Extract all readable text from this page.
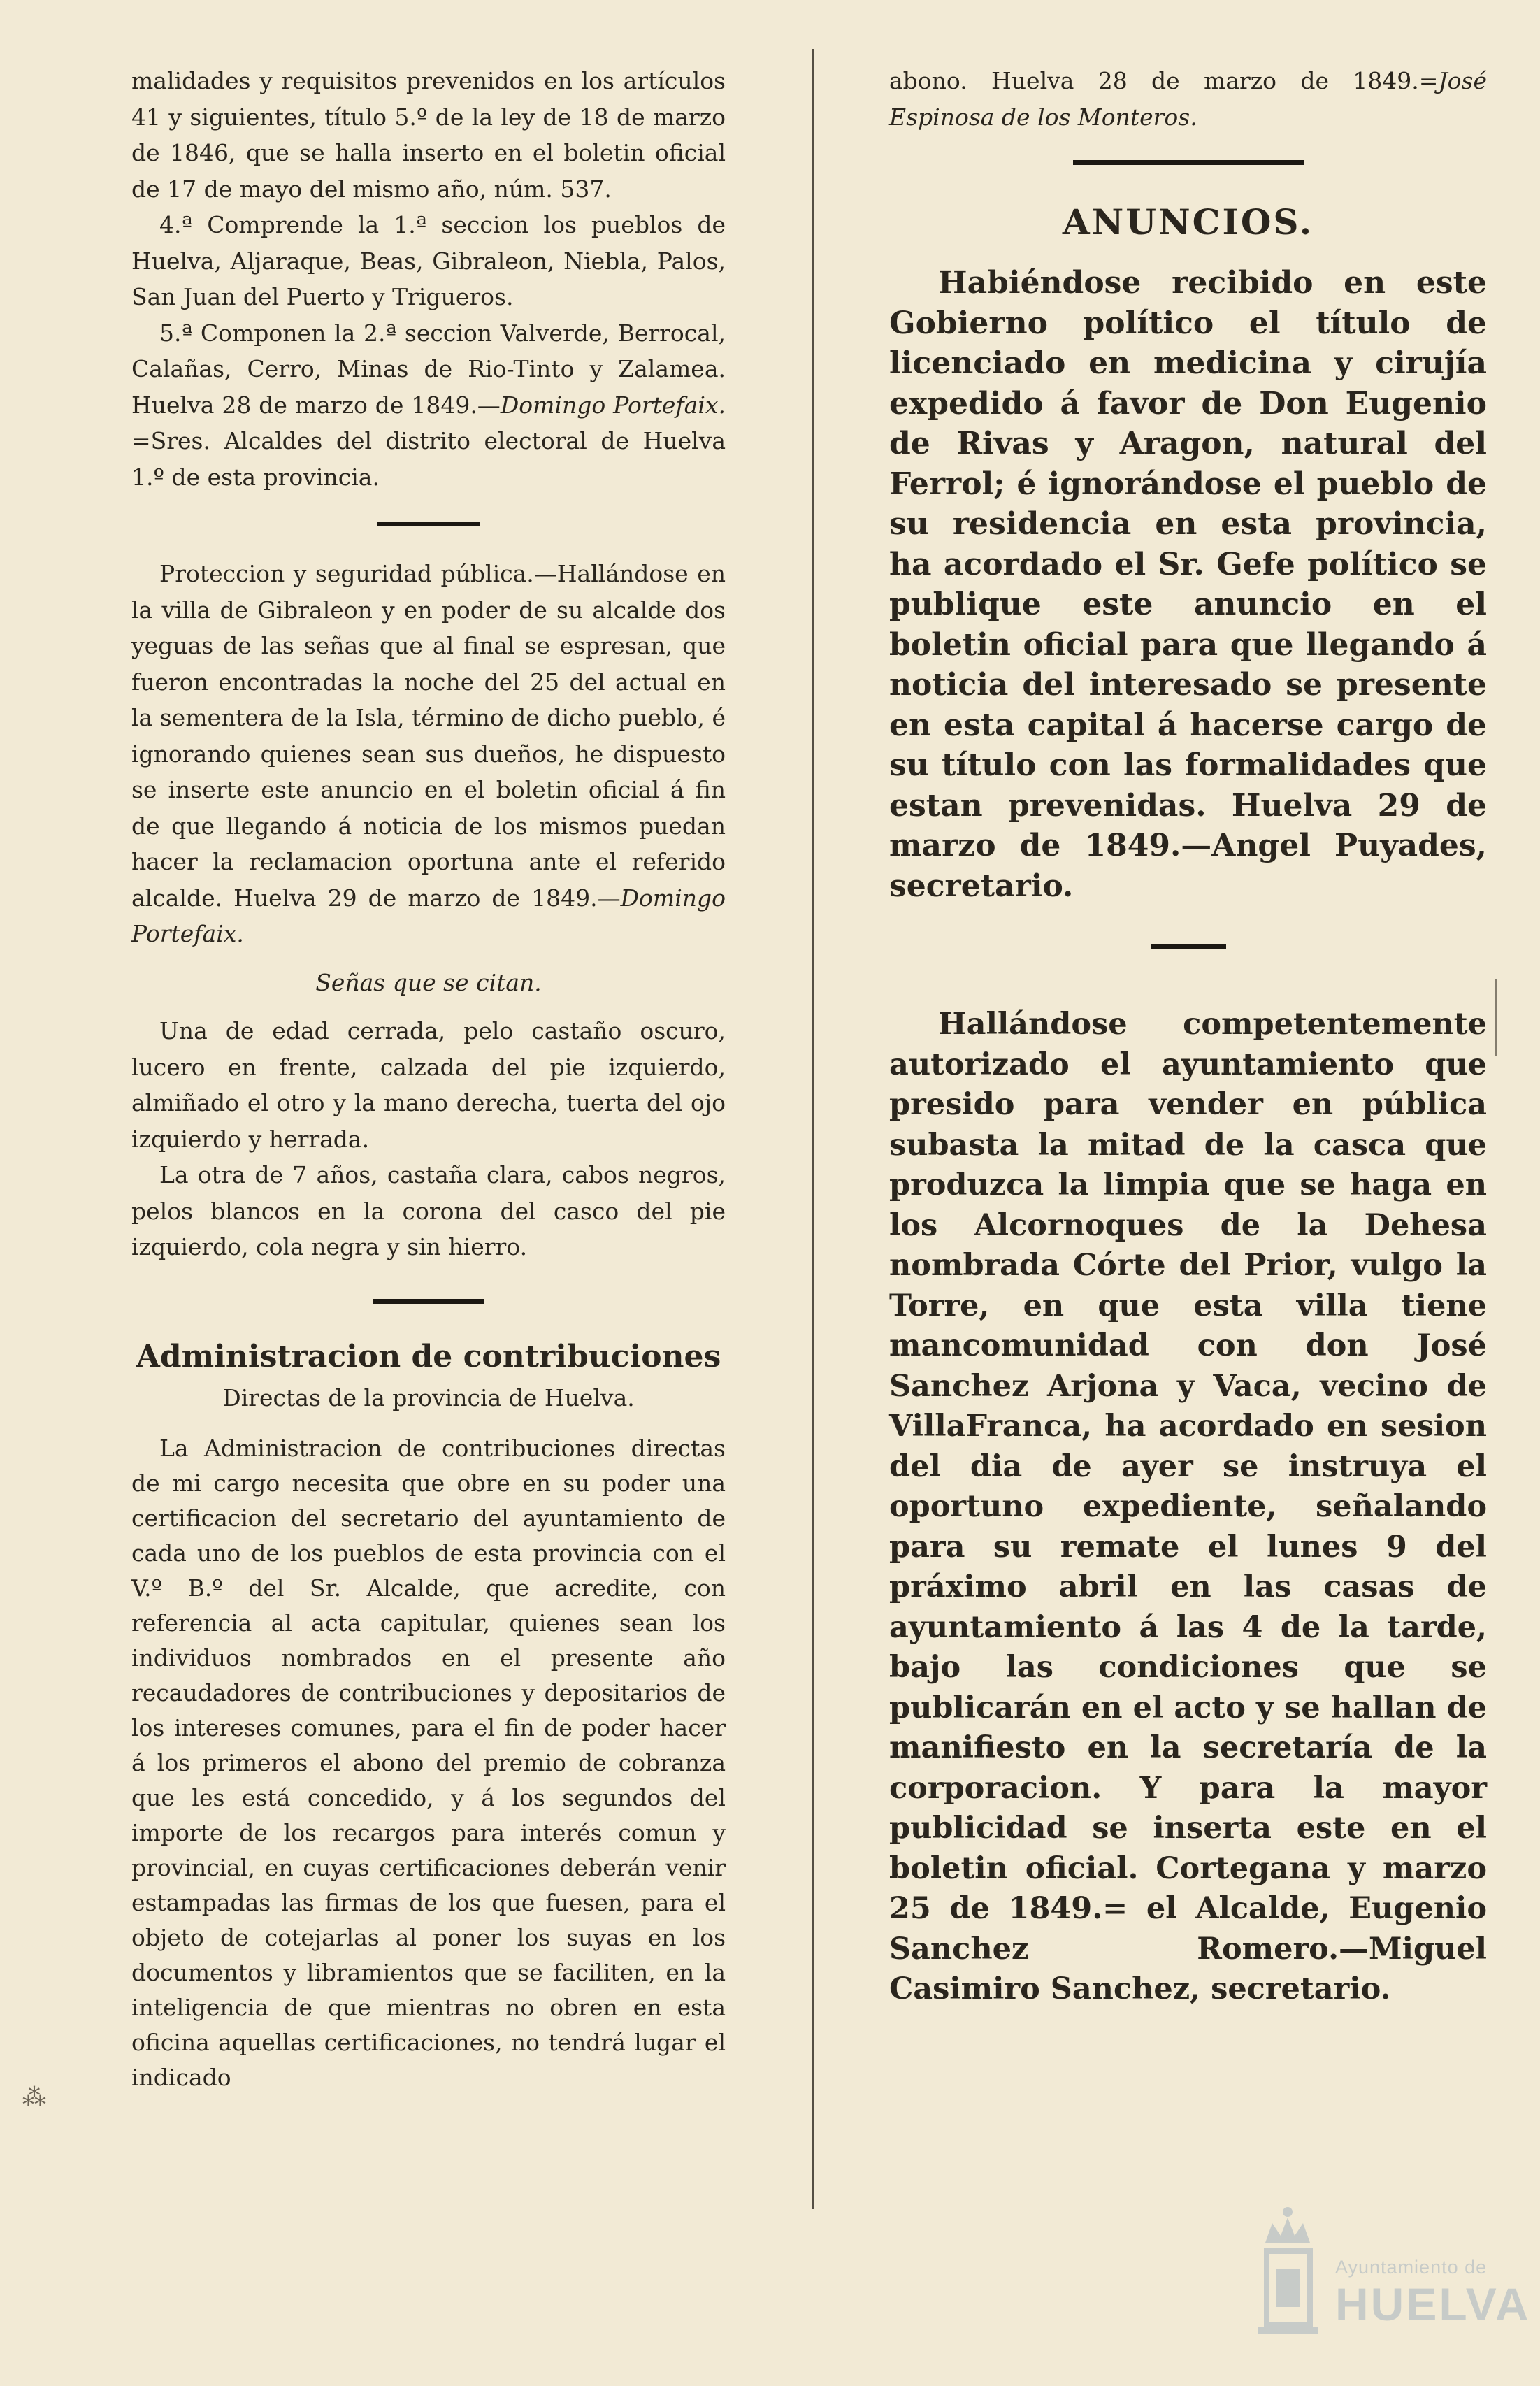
⁂

malidades y requisitos prevenidos en los artículos 41 y siguientes, título 5.º de la ley de 18 de marzo de 1846, que se halla inserto en el boletin oficial de 17 de mayo del mismo año, núm. 537.

4.ª Comprende la 1.ª seccion los pueblos de Huelva, Aljaraque, Beas, Gibraleon, Niebla, Palos, San Juan del Puerto y Trigueros.

5.ª Componen la 2.ª seccion Valverde, Berrocal, Calañas, Cerro, Minas de Rio-Tinto y Zalamea. Huelva 28 de marzo de 1849.—Domingo Portefaix. =Sres. Alcaldes del distrito electoral de Huelva 1.º de esta provincia.

Proteccion y seguridad pública.—Hallándose en la villa de Gibraleon y en poder de su alcalde dos yeguas de las señas que al final se espresan, que fueron encontradas la noche del 25 del actual en la sementera de la Isla, término de dicho pueblo, é ignorando quienes sean sus dueños, he dispuesto se inserte este anuncio en el boletin oficial á fin de que llegando á noticia de los mismos puedan hacer la reclamacion oportuna ante el referido alcalde. Huelva 29 de marzo de 1849.—Domingo Portefaix.

Señas que se citan.

Una de edad cerrada, pelo castaño oscuro, lucero en frente, calzada del pie izquierdo, almiñado el otro y la mano derecha, tuerta del ojo izquierdo y herrada.

La otra de 7 años, castaña clara, cabos negros, pelos blancos en la corona del casco del pie izquierdo, cola negra y sin hierro.

Administracion de contribuciones

Directas de la provincia de Huelva.

La Administracion de contribuciones directas de mi cargo necesita que obre en su poder una certificacion del secretario del ayuntamiento de cada uno de los pueblos de esta provincia con el V.º B.º del Sr. Alcalde, que acredite, con referencia al acta capitular, quienes sean los individuos nombrados en el presente año recaudadores de contribuciones y depositarios de los intereses comunes, para el fin de poder hacer á los primeros el abono del premio de cobranza que les está concedido, y á los segundos del importe de los recargos para interés comun y provincial, en cuyas certificaciones deberán venir estampadas las firmas de los que fuesen, para el objeto de cotejarlas al poner los suyas en los documentos y libramientos que se faciliten, en la inteligencia de que mientras no obren en esta oficina aquellas certificaciones, no tendrá lugar el indicado

abono. Huelva 28 de marzo de 1849.=José Espinosa de los Monteros.

ANUNCIOS.

Habiéndose recibido en este Gobierno político el título de licenciado en medicina y cirujía expedido á favor de Don Eugenio de Rivas y Aragon, natural del Ferrol; é ignorándose el pueblo de su residencia en esta provincia, ha acordado el Sr. Gefe político se publique este anuncio en el boletin oficial para que llegando á noticia del interesado se presente en esta capital á hacerse cargo de su título con las formalidades que estan prevenidas. Huelva 29 de marzo de 1849.—Angel Puyades, secretario.

Hallándose competentemente autorizado el ayuntamiento que presido para vender en pública subasta la mitad de la casca que produzca la limpia que se haga en los Alcornoques de la Dehesa nombrada Córte del Prior, vulgo la Torre, en que esta villa tiene mancomunidad con don José Sanchez Arjona y Vaca, vecino de VillaFranca, ha acordado en sesion del dia de ayer se instruya el oportuno expediente, señalando para su remate el lunes 9 del práximo abril en las casas de ayuntamiento á las 4 de la tarde, bajo las condiciones que se publicarán en el acto y se hallan de manifiesto en la secretaría de la corporacion. Y para la mayor publicidad se inserta este en el boletin oficial. Cortegana y marzo 25 de 1849.= el Alcalde, Eugenio Sanchez Romero.—Miguel Casimiro Sanchez, secretario.

Ayuntamiento de
HUELVA
